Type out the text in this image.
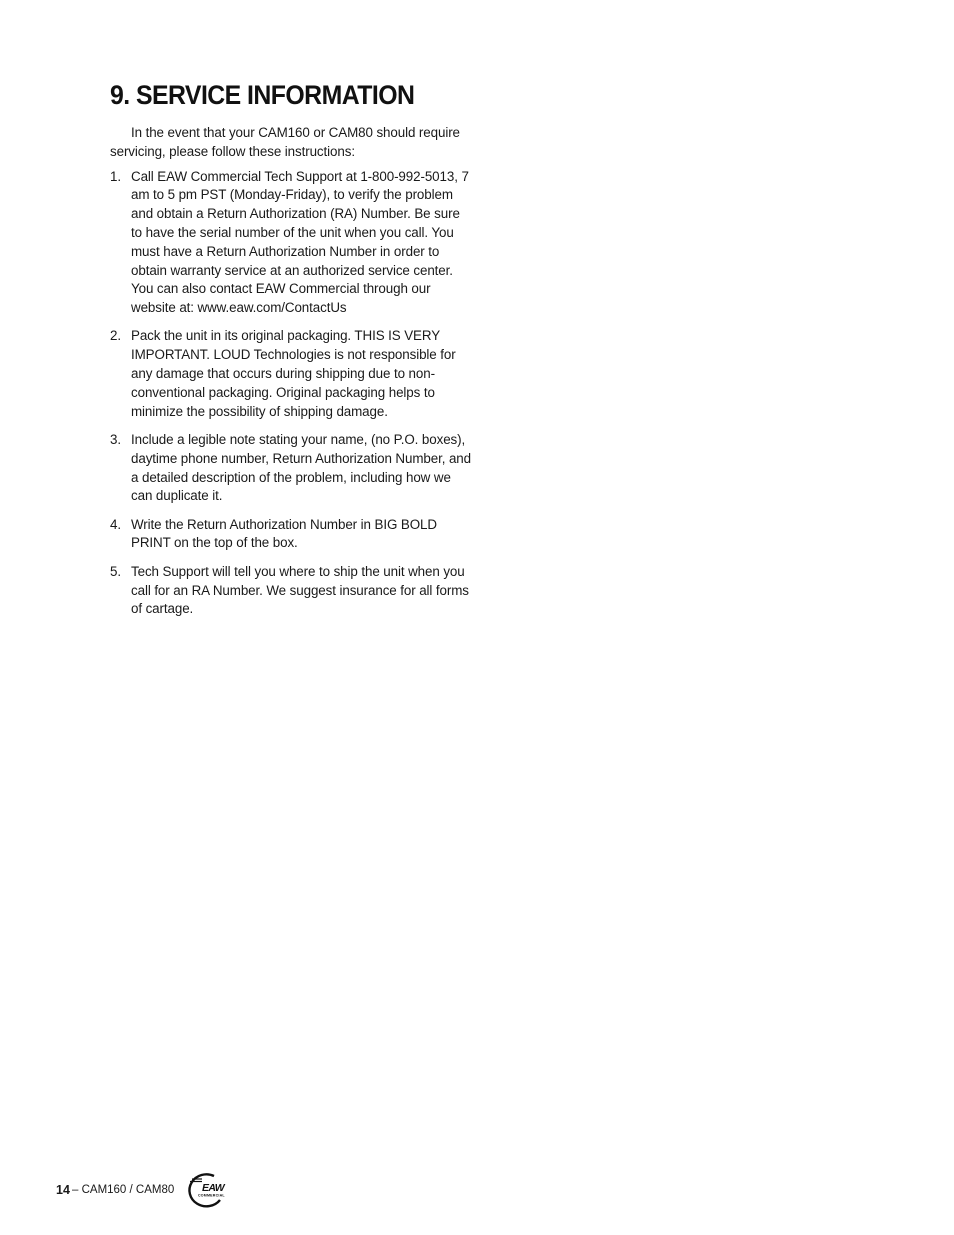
9. SERVICE INFORMATION

In the event that your CAM160 or CAM80 should require servicing, please follow these instructions:

1. Call EAW Commercial Tech Support at 1-800-992-5013, 7 am to 5 pm PST (Monday-Friday), to verify the problem and obtain a Return Authorization (RA) Number. Be sure to have the serial number of the unit when you call. You must have a Return Authorization Number in order to obtain warranty service at an authorized service center. You can also contact EAW Commercial through our website at: www.eaw.com/ContactUs
2. Pack the unit in its original packaging. THIS IS VERY IMPORTANT. LOUD Technologies is not responsible for any damage that occurs during shipping due to non-conventional packaging. Original packaging helps to minimize the possibility of shipping damage.
3. Include a legible note stating your name, (no P.O. boxes), daytime phone number, Return Authorization Number, and a detailed description of the problem, including how we can duplicate it.
4. Write the Return Authorization Number in BIG BOLD PRINT on the top of the box.
5. Tech Support will tell you where to ship the unit when you call for an RA Number. We suggest insurance for all forms of cartage.
14 – CAM160 / CAM80	EAW
COMMERCIAL
